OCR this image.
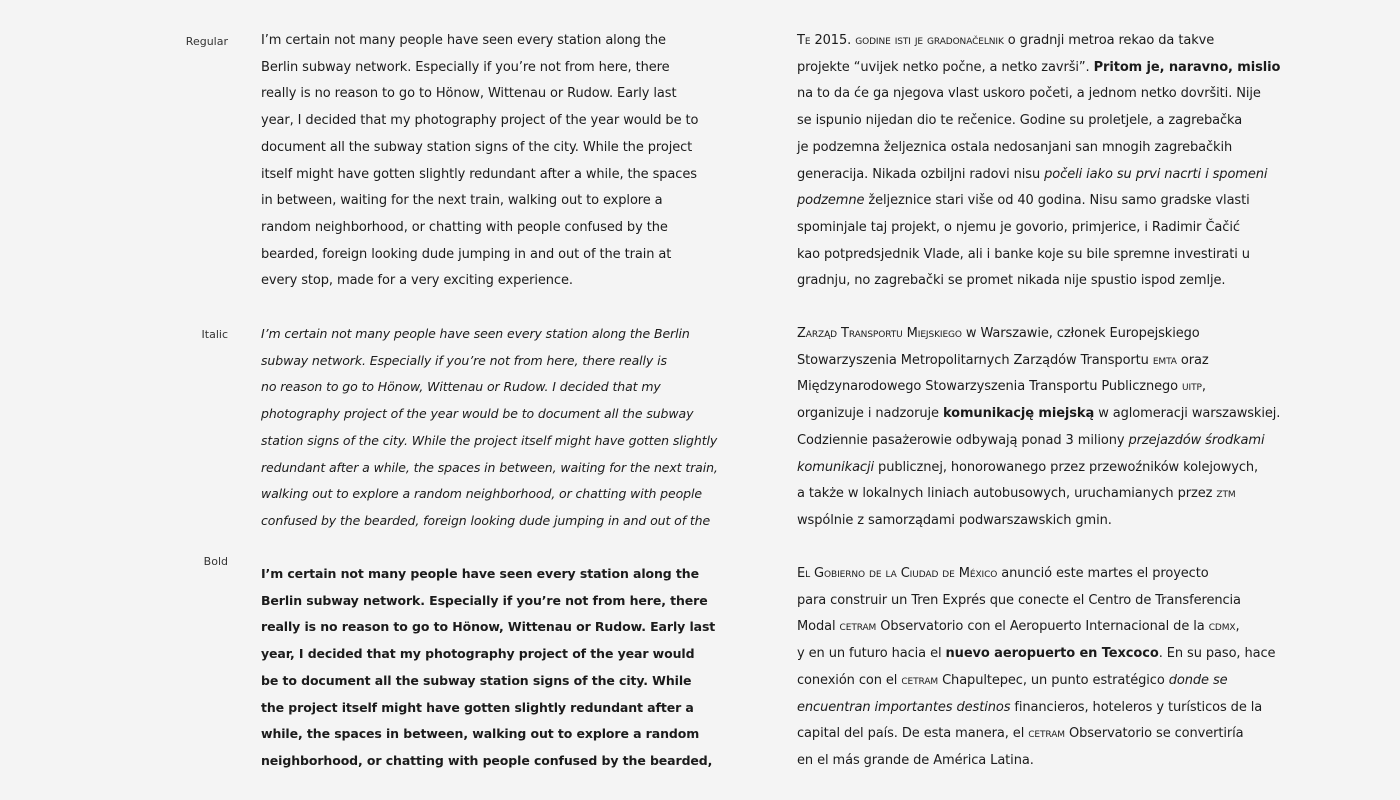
Regular
Italic
Bold
I’m certain not many people have seen every station along the
Berlin subway network. Especially if you’re not from here, there
really is no reason to go to Hönow, Wittenau or Rudow. Early last
year, I decided that my photography project of the year would be to
document all the subway station signs of the city. While the project
itself might have gotten slightly redundant after a while, the spaces
in between, waiting for the next train, walking out to explore a
random neighborhood, or chatting with people confused by the
bearded, foreign looking dude jumping in and out of the train at
every stop, made for a very exciting experience.
I’m certain not many people have seen every station along the Berlin
subway network. Especially if you’re not from here, there really is
no reason to go to Hönow, Wittenau or Rudow. I decided that my
photography project of the year would be to document all the subway
station signs of the city. While the project itself might have gotten slightly
redundant after a while, the spaces in between, waiting for the next train,
walking out to explore a random neighborhood, or chatting with people
confused by the bearded, foreign looking dude jumping in and out of the
I’m certain not many people have seen every station along the
Berlin subway network. Especially if you’re not from here, there
really is no reason to go to Hönow, Wittenau or Rudow. Early last
year, I decided that my photography project of the year would
be to document all the subway station signs of the city. While
the project itself might have gotten slightly redundant after a
while, the spaces in between, walking out to explore a random
neighborhood, or chatting with people confused by the bearded,
Te 2015. godine isti je gradonačelnik o gradnji metroa rekao da takve
projekte “uvijek netko počne, a netko završi”. Pritom je, naravno, mislio
na to da će ga njegova vlast uskoro početi, a jednom netko dovršiti. Nije
se ispunio nijedan dio te rečenice. Godine su proletjele, a zagrebačka
je podzemna željeznica ostala nedosanjani san mnogih zagrebačkih
generacija. Nikada ozbiljni radovi nisu počeli iako su prvi nacrti i spomeni
podzemne željeznice stari više od 40 godina. Nisu samo gradske vlasti
spominjale taj projekt, o njemu je govorio, primjerice, i Radimir Čačić
kao potpredsjednik Vlade, ali i banke koje su bile spremne investirati u
gradnju, no zagrebački se promet nikada nije spustio ispod zemlje.
Zarząd Transportu Miejskiego w Warszawie, członek Europejskiego
Stowarzyszenia Metropolitarnych Zarządów Transportu emta oraz
Międzynarodowego Stowarzyszenia Transportu Publicznego uitp,
organizuje i nadzoruje komunikację miejską w aglomeracji warszawskiej.
Codziennie pasażerowie odbywają ponad 3 miliony przejazdów środkami
komunikacji publicznej, honorowanego przez przewoźników kolejowych,
a także w lokalnych liniach autobusowych, uruchamianych przez ztm
wspólnie z samorządami podwarszawskich gmin.
El Gobierno de la Ciudad de México anunció este martes el proyecto
para construir un Tren Exprés que conecte el Centro de Transferencia
Modal cetram Observatorio con el Aeropuerto Internacional de la cdmx,
y en un futuro hacia el nuevo aeropuerto en Texcoco. En su paso, hace
conexión con el cetram Chapultepec, un punto estratégico donde se
encuentran importantes destinos financieros, hoteleros y turísticos de la
capital del país. De esta manera, el cetram Observatorio se convertiría
en el más grande de América Latina.
